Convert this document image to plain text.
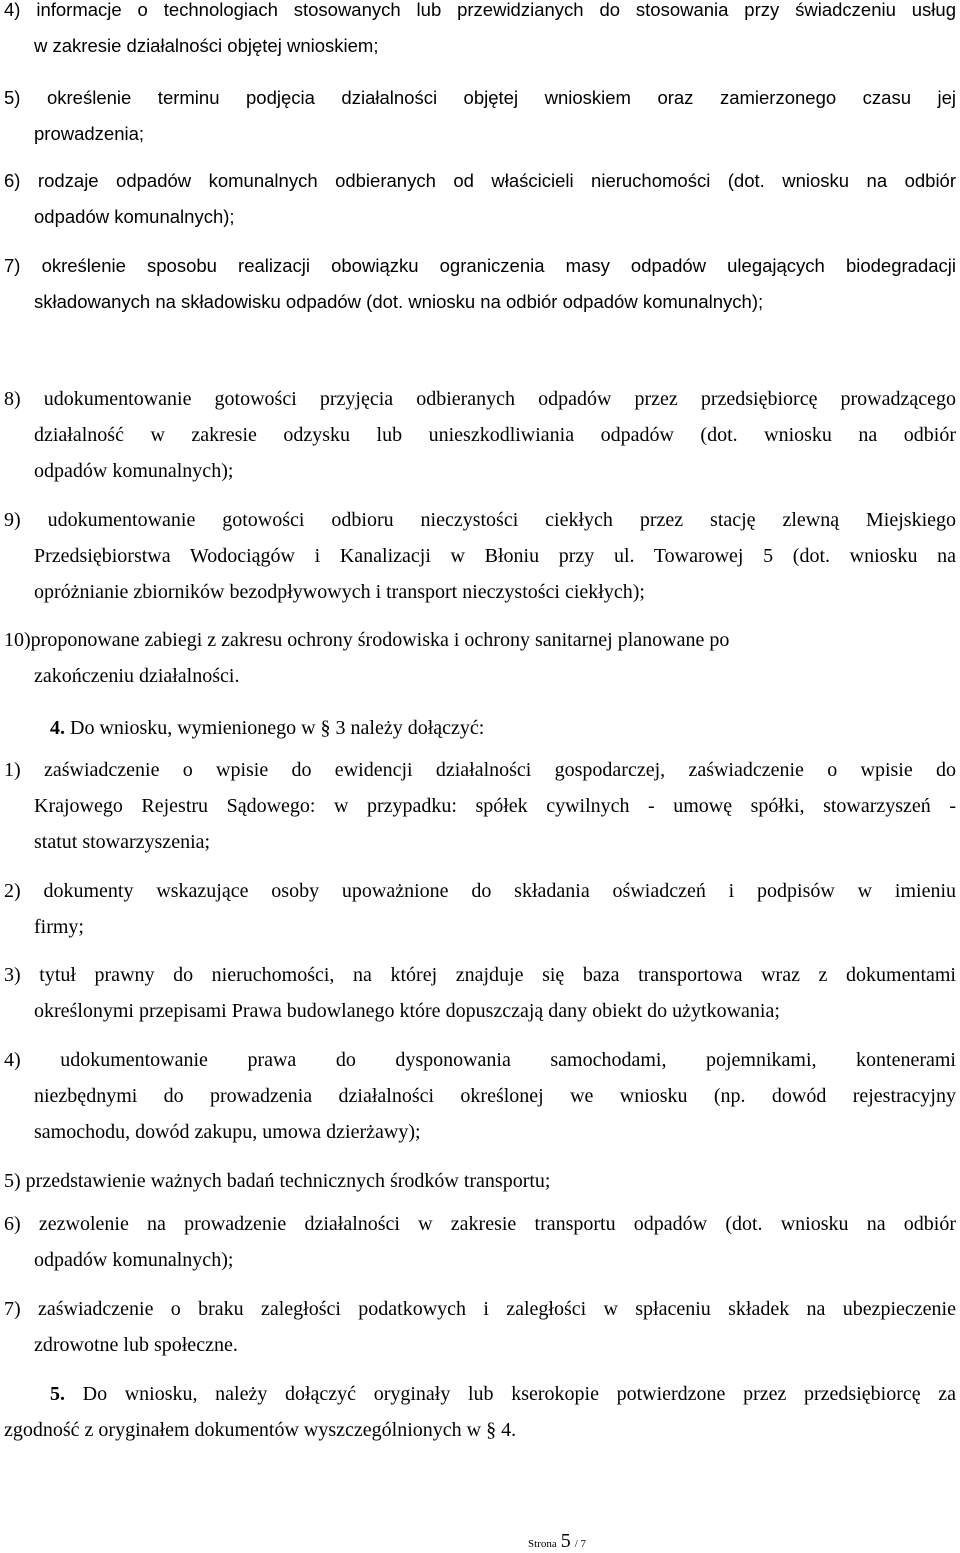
4) informacje o technologiach stosowanych lub przewidzianych do stosowania przy świadczeniu usług
w zakresie działalności objętej wnioskiem;
5) określenie terminu podjęcia działalności objętej wnioskiem oraz zamierzonego czasu jej
prowadzenia;
6) rodzaje odpadów komunalnych odbieranych od właścicieli nieruchomości (dot. wniosku na odbiór
odpadów komunalnych);
7) określenie sposobu realizacji obowiązku ograniczenia masy odpadów ulegających biodegradacji
składowanych na składowisku odpadów (dot. wniosku na odbiór odpadów komunalnych);
8) udokumentowanie gotowości przyjęcia odbieranych odpadów przez przedsiębiorcę prowadzącego
działalność w zakresie odzysku lub unieszkodliwiania odpadów (dot. wniosku na odbiór
odpadów komunalnych);
9) udokumentowanie gotowości odbioru nieczystości ciekłych przez stację zlewną Miejskiego
Przedsiębiorstwa Wodociągów i Kanalizacji w Błoniu przy ul. Towarowej 5 (dot. wniosku na
opróżnianie zbiorników bezodpływowych i transport nieczystości ciekłych);
10)proponowane zabiegi z zakresu ochrony środowiska i ochrony sanitarnej planowane po
zakończeniu działalności.
4. Do wniosku, wymienionego w § 3 należy dołączyć:
1) zaświadczenie o wpisie do ewidencji działalności gospodarczej, zaświadczenie o wpisie do
Krajowego Rejestru Sądowego: w przypadku: spółek cywilnych - umowę spółki, stowarzyszeń -
statut stowarzyszenia;
2) dokumenty wskazujące osoby upoważnione do składania oświadczeń i podpisów w imieniu
firmy;
3) tytuł prawny do nieruchomości, na której znajduje się baza transportowa wraz z dokumentami
określonymi przepisami Prawa budowlanego które dopuszczają dany obiekt do użytkowania;
4) udokumentowanie prawa do dysponowania samochodami, pojemnikami, kontenerami
niezbędnymi do prowadzenia działalności określonej we wniosku (np. dowód rejestracyjny
samochodu, dowód zakupu, umowa dzierżawy);
5) przedstawienie ważnych badań technicznych środków transportu;
6) zezwolenie na prowadzenie działalności w zakresie transportu odpadów (dot. wniosku na odbiór
odpadów komunalnych);
7) zaświadczenie o braku zaległości podatkowych i zaległości w spłaceniu składek na ubezpieczenie
zdrowotne lub społeczne.
5. Do wniosku, należy dołączyć oryginały lub kserokopie potwierdzone przez przedsiębiorcę za
zgodność z oryginałem dokumentów wyszczególnionych w § 4.
Strona 5 / 7
